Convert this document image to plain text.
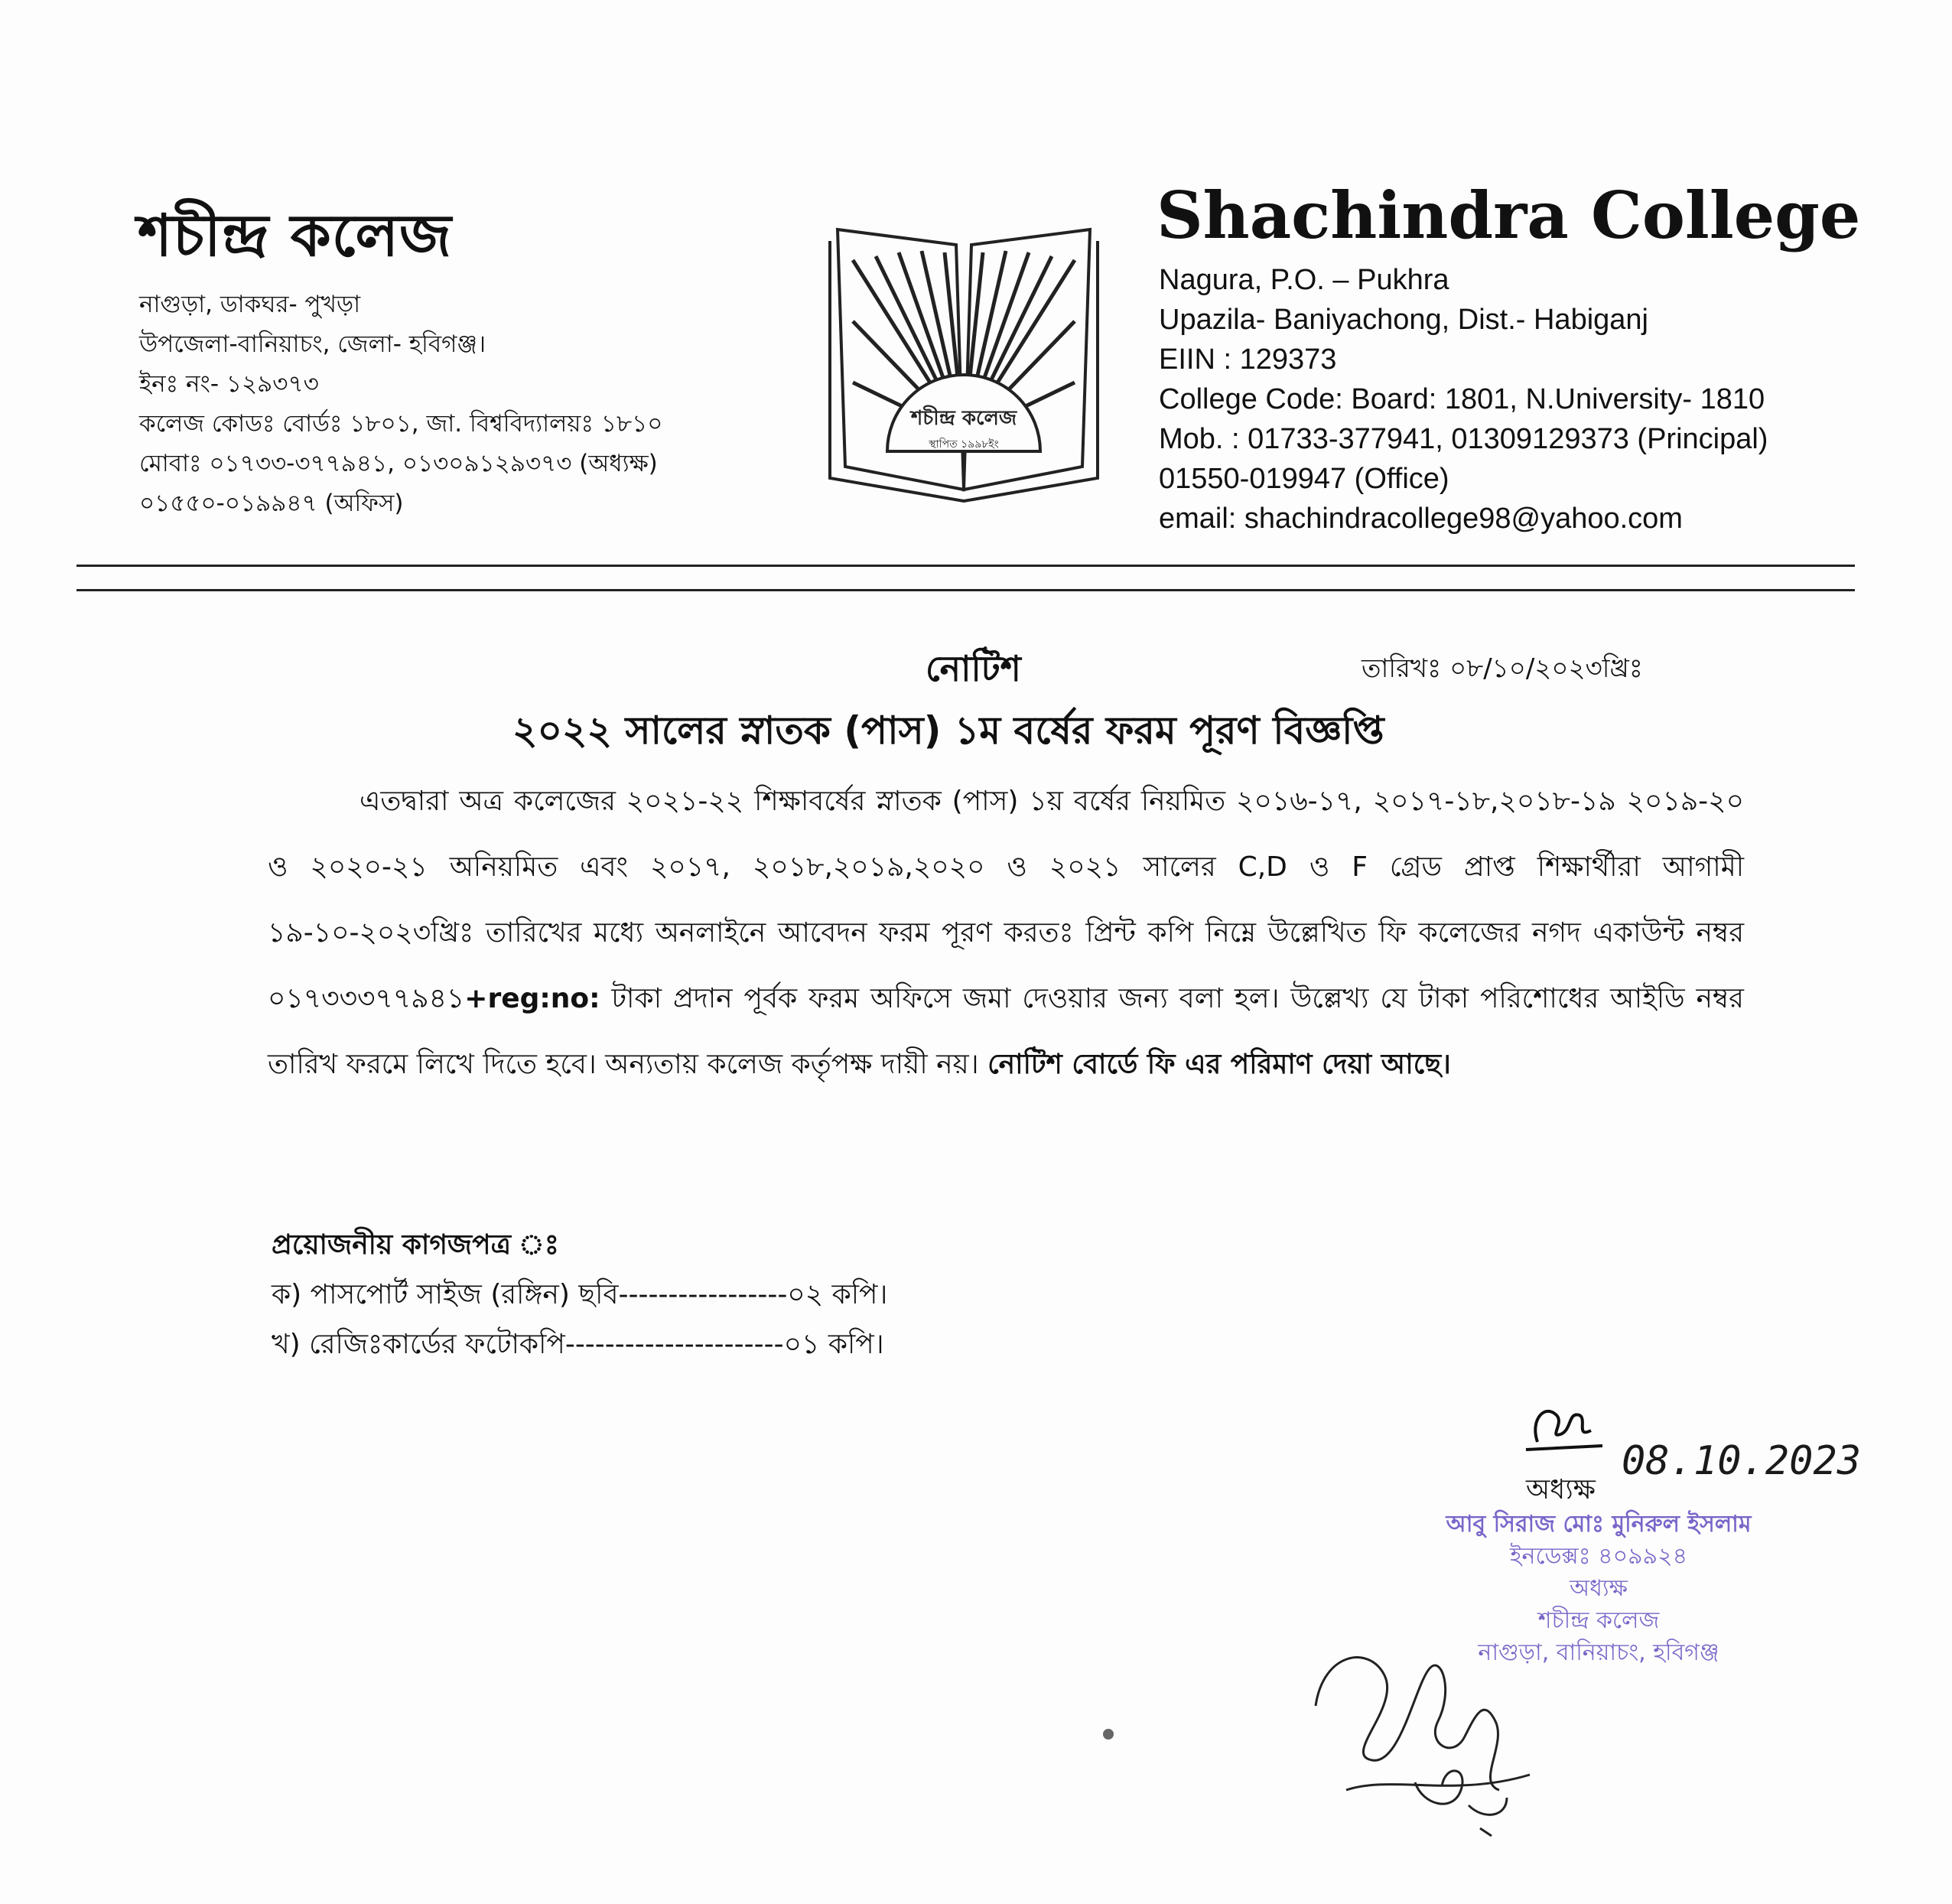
শচীন্দ্র কলেজ
নাগুড়া, ডাকঘর- পুখড়া
উপজেলা-বানিয়াচং, জেলা- হবিগঞ্জ।
ইনঃ নং- ১২৯৩৭৩
কলেজ কোডঃ বোর্ডঃ ১৮০১, জা. বিশ্ববিদ্যালয়ঃ ১৮১০
মোবাঃ ০১৭৩৩-৩৭৭৯৪১, ০১৩০৯১২৯৩৭৩ (অধ্যক্ষ)
০১৫৫০-০১৯৯৪৭ (অফিস)
শচীন্দ্র কলেজ
স্থাপিত ১৯৯৮ইং
Shachindra College
Nagura, P.O. – Pukhra
Upazila- Baniyachong, Dist.- Habiganj
EIIN : 129373
College Code: Board: 1801, N.University- 1810
Mob. : 01733-377941, 01309129373 (Principal)
01550-019947 (Office)
email: shachindracollege98@yahoo.com
নোটিশ	তারিখঃ ০৮/১০/২০২৩খ্রিঃ
২০২২ সালের স্নাতক (পাস) ১ম বর্ষের ফরম পূরণ বিজ্ঞপ্তি
এতদ্বারা অত্র কলেজের ২০২১-২২ শিক্ষাবর্ষের স্নাতক (পাস) ১য় বর্ষের নিয়মিত ২০১৬-১৭, ২০১৭-১৮,২০১৮-১৯ ২০১৯-২০ ও ২০২০-২১ অনিয়মিত এবং ২০১৭, ২০১৮,২০১৯,২০২০ ও ২০২১ সালের C,D ও F গ্রেড প্রাপ্ত শিক্ষার্থীরা আগামী ১৯-১০-২০২৩খ্রিঃ তারিখের মধ্যে অনলাইনে আবেদন ফরম পূরণ করতঃ প্রিন্ট কপি নিম্নে উল্লেখিত ফি কলেজের নগদ একাউন্ট নম্বর ০১৭৩৩৩৭৭৯৪১+reg:no: টাকা প্রদান পূর্বক ফরম অফিসে জমা দেওয়ার জন্য বলা হল। উল্লেখ্য যে টাকা পরিশোধের আইডি নম্বর তারিখ ফরমে লিখে দিতে হবে। অন্যতায় কলেজ কর্তৃপক্ষ দায়ী নয়। নোটিশ বোর্ডে ফি এর পরিমাণ দেয়া আছে।
প্রয়োজনীয় কাগজপত্র ঃ
ক) পাসপোর্ট সাইজ (রঙ্গিন) ছবি-----------------০২ কপি।
খ) রেজিঃকার্ডের ফটোকপি----------------------০১ কপি।
08.10.2023
অধ্যক্ষ
আবু সিরাজ মোঃ মুনিরুল ইসলাম
ইনডেক্সঃ ৪০৯৯২৪
অধ্যক্ষ
শচীন্দ্র কলেজ
নাগুড়া, বানিয়াচং, হবিগঞ্জ
